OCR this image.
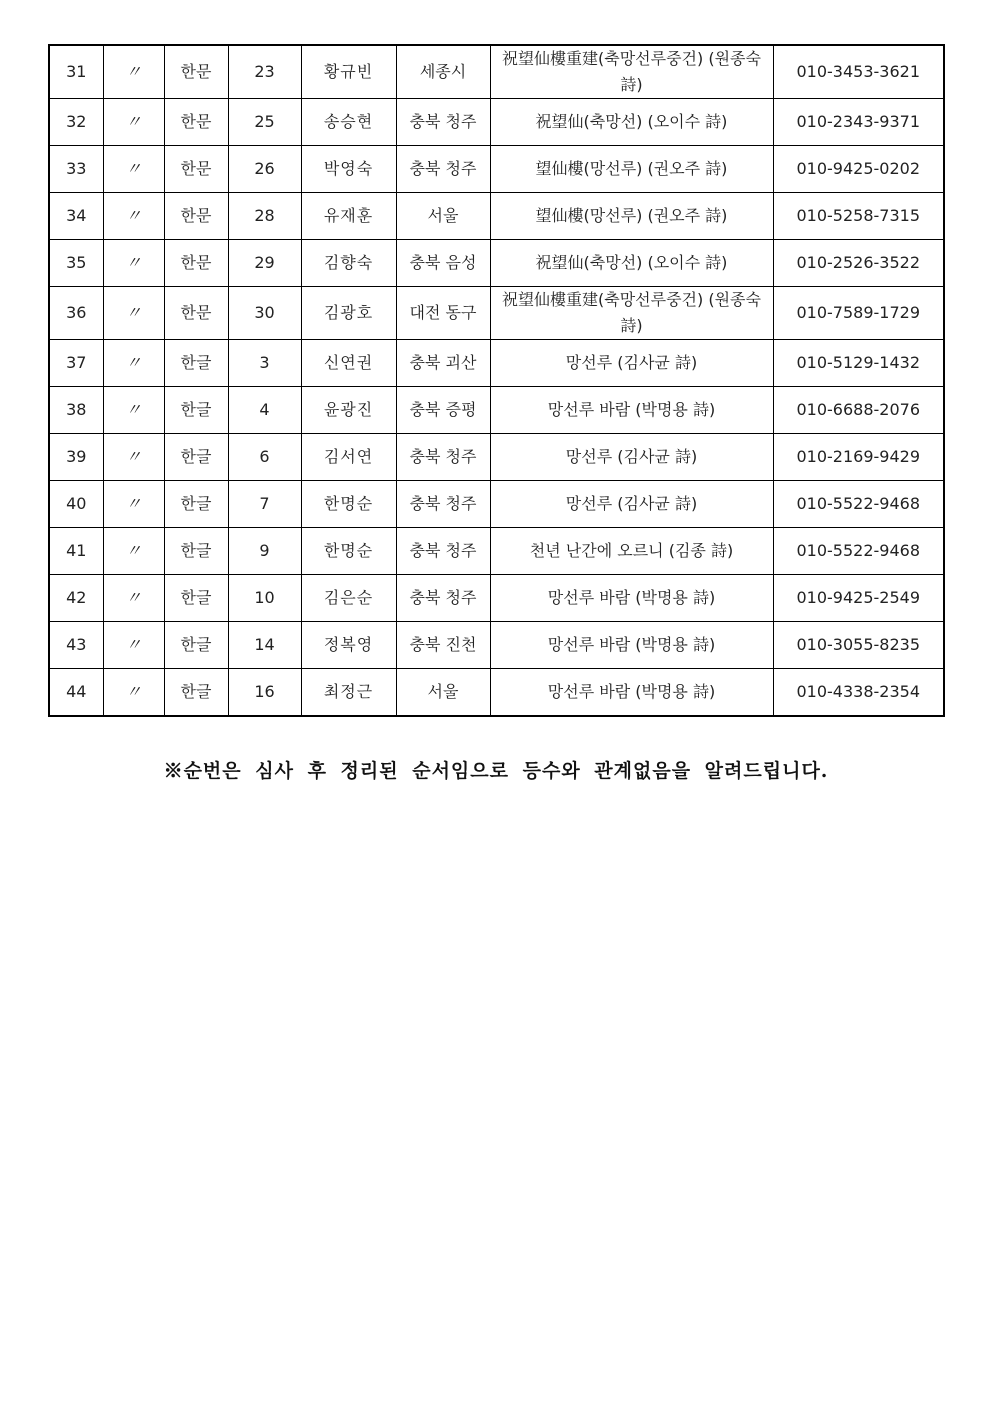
31	〃	한문	23	황규빈	세종시	祝望仙樓重建(축망선루중건) (원종숙 詩)	010-3453-3621
32	〃	한문	25	송승현	충북 청주	祝望仙(축망선) (오이수 詩)	010-2343-9371
33	〃	한문	26	박영숙	충북 청주	望仙樓(망선루) (권오주 詩)	010-9425-0202
34	〃	한문	28	유재훈	서울	望仙樓(망선루) (권오주 詩)	010-5258-7315
35	〃	한문	29	김향숙	충북 음성	祝望仙(축망선) (오이수 詩)	010-2526-3522
36	〃	한문	30	김광호	대전 동구	祝望仙樓重建(축망선루중건) (원종숙詩)	010-7589-1729
37	〃	한글	3	신연권	충북 괴산	망선루 (김사균 詩)	010-5129-1432
38	〃	한글	4	윤광진	충북 증평	망선루 바람 (박명용 詩)	010-6688-2076
39	〃	한글	6	김서연	충북 청주	망선루 (김사균 詩)	010-2169-9429
40	〃	한글	7	한명순	충북 청주	망선루 (김사균 詩)	010-5522-9468
41	〃	한글	9	한명순	충북 청주	천년 난간에 오르니 (김종 詩)	010-5522-9468
42	〃	한글	10	김은순	충북 청주	망선루 바람 (박명용 詩)	010-9425-2549
43	〃	한글	14	정복영	충북 진천	망선루 바람 (박명용 詩)	010-3055-8235
44	〃	한글	16	최정근	서울	망선루 바람 (박명용 詩)	010-4338-2354
※순번은 심사 후 정리된 순서임으로 등수와 관계없음을 알려드립니다.
